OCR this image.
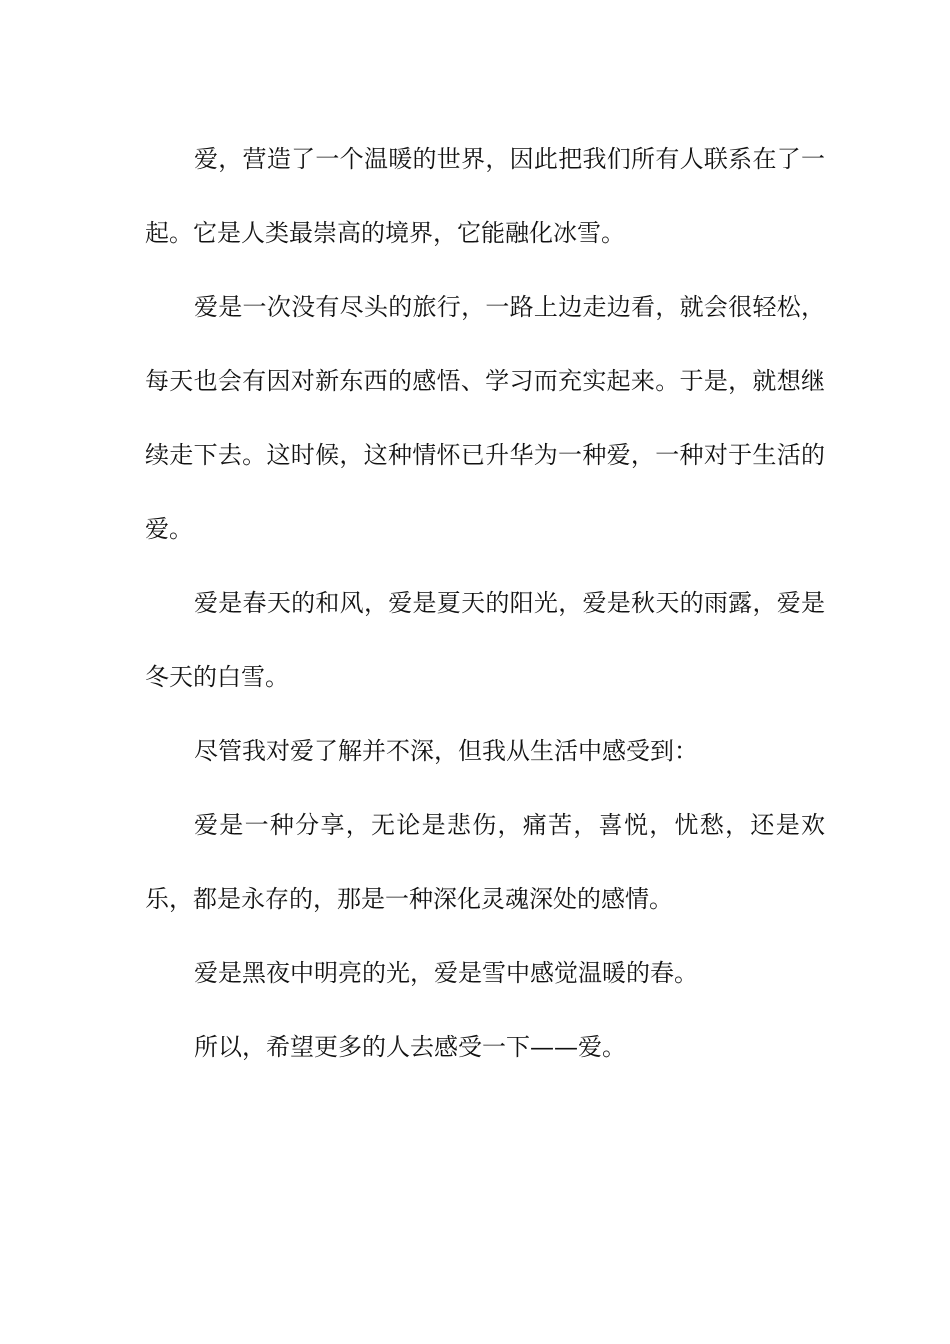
爱，营造了一个温暖的世界，因此把我们所有人联系在了一起。它是人类最崇高的境界，它能融化冰雪。

爱是一次没有尽头的旅行，一路上边走边看，就会很轻松，每天也会有因对新东西的感悟、学习而充实起来。于是，就想继续走下去。这时候，这种情怀已升华为一种爱，一种对于生活的爱。

爱是春天的和风，爱是夏天的阳光，爱是秋天的雨露，爱是冬天的白雪。

尽管我对爱了解并不深，但我从生活中感受到：

爱是一种分享，无论是悲伤，痛苦，喜悦，忧愁，还是欢乐，都是永存的，那是一种深化灵魂深处的感情。

爱是黑夜中明亮的光，爱是雪中感觉温暖的春。

所以，希望更多的人去感受一下——爱。
